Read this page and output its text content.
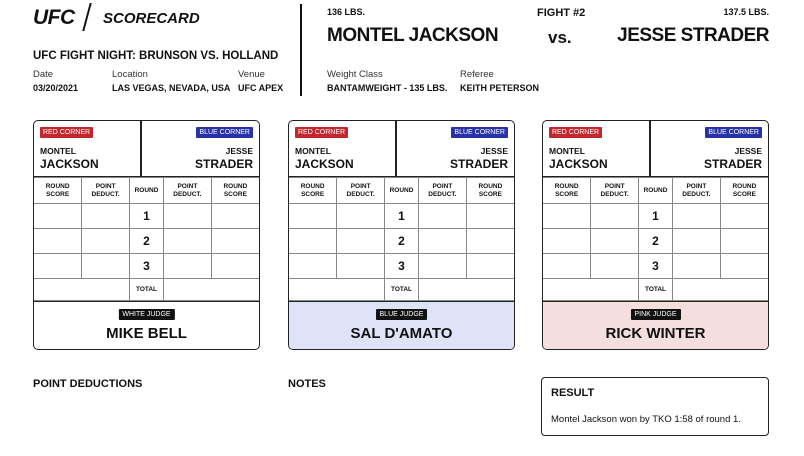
UFC SCORECARD
UFC FIGHT NIGHT: BRUNSON VS. HOLLAND
Date
03/20/2021
Location
LAS VEGAS, NEVADA, USA
Venue
UFC APEX
136 LBS.
MONTEL JACKSON
FIGHT #2
vs.
137.5 LBS.
JESSE STRADER
Weight Class
BANTAMWEIGHT - 135 LBS.
Referee
KEITH PETERSON
RED CORNER	BLUE CORNER
MONTEL
JACKSON
JESSE
STRADER
ROUND SCORE	POINT DEDUCT.	ROUND	POINT DEDUCT.	ROUND SCORE
		1		
		2		
		3		
		TOTAL		
WHITE JUDGE
MIKE BELL
RED CORNER	BLUE CORNER
MONTEL
JACKSON
JESSE
STRADER
ROUND SCORE	POINT DEDUCT.	ROUND	POINT DEDUCT.	ROUND SCORE
		1		
		2		
		3		
		TOTAL		
BLUE JUDGE
SAL D'AMATO
RED CORNER	BLUE CORNER
MONTEL
JACKSON
JESSE
STRADER
ROUND SCORE	POINT DEDUCT.	ROUND	POINT DEDUCT.	ROUND SCORE
		1		
		2		
		3		
		TOTAL		
PINK JUDGE
RICK WINTER
POINT DEDUCTIONS	NOTES
RESULT
Montel Jackson won by TKO 1:58 of round 1.
